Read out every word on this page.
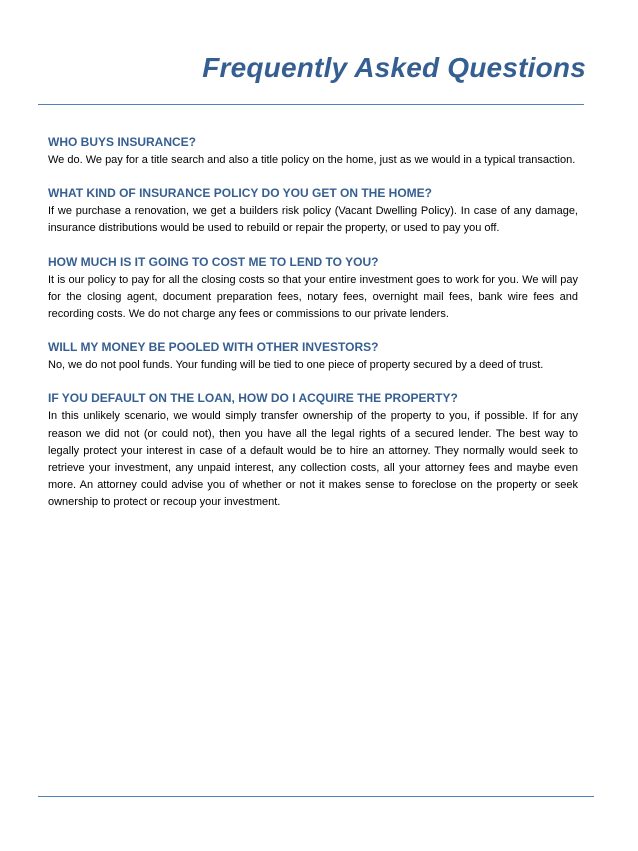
Frequently Asked Questions
WHO BUYS INSURANCE?

We do. We pay for a title search and also a title policy on the home, just as we would in a typical transaction.

WHAT KIND OF INSURANCE POLICY DO YOU GET ON THE HOME?

If we purchase a renovation, we get a builders risk policy (Vacant Dwelling Policy). In case of any damage, insurance distributions would be used to rebuild or repair the property, or used to pay you off.

HOW MUCH IS IT GOING TO COST ME TO LEND TO YOU?

It is our policy to pay for all the closing costs so that your entire investment goes to work for you. We will pay for the closing agent, document preparation fees, notary fees, overnight mail fees, bank wire fees and recording costs. We do not charge any fees or commissions to our private lenders.

WILL MY MONEY BE POOLED WITH OTHER INVESTORS?

No, we do not pool funds. Your funding will be tied to one piece of property secured by a deed of trust.

IF YOU DEFAULT ON THE LOAN, HOW DO I ACQUIRE THE PROPERTY?

In this unlikely scenario, we would simply transfer ownership of the property to you, if possible. If for any reason we did not (or could not), then you have all the legal rights of a secured lender. The best way to legally protect your interest in case of a default would be to hire an attorney. They normally would seek to retrieve your investment, any unpaid interest, any collection costs, all your attorney fees and maybe even more. An attorney could advise you of whether or not it makes sense to foreclose on the property or seek ownership to protect or recoup your investment.
